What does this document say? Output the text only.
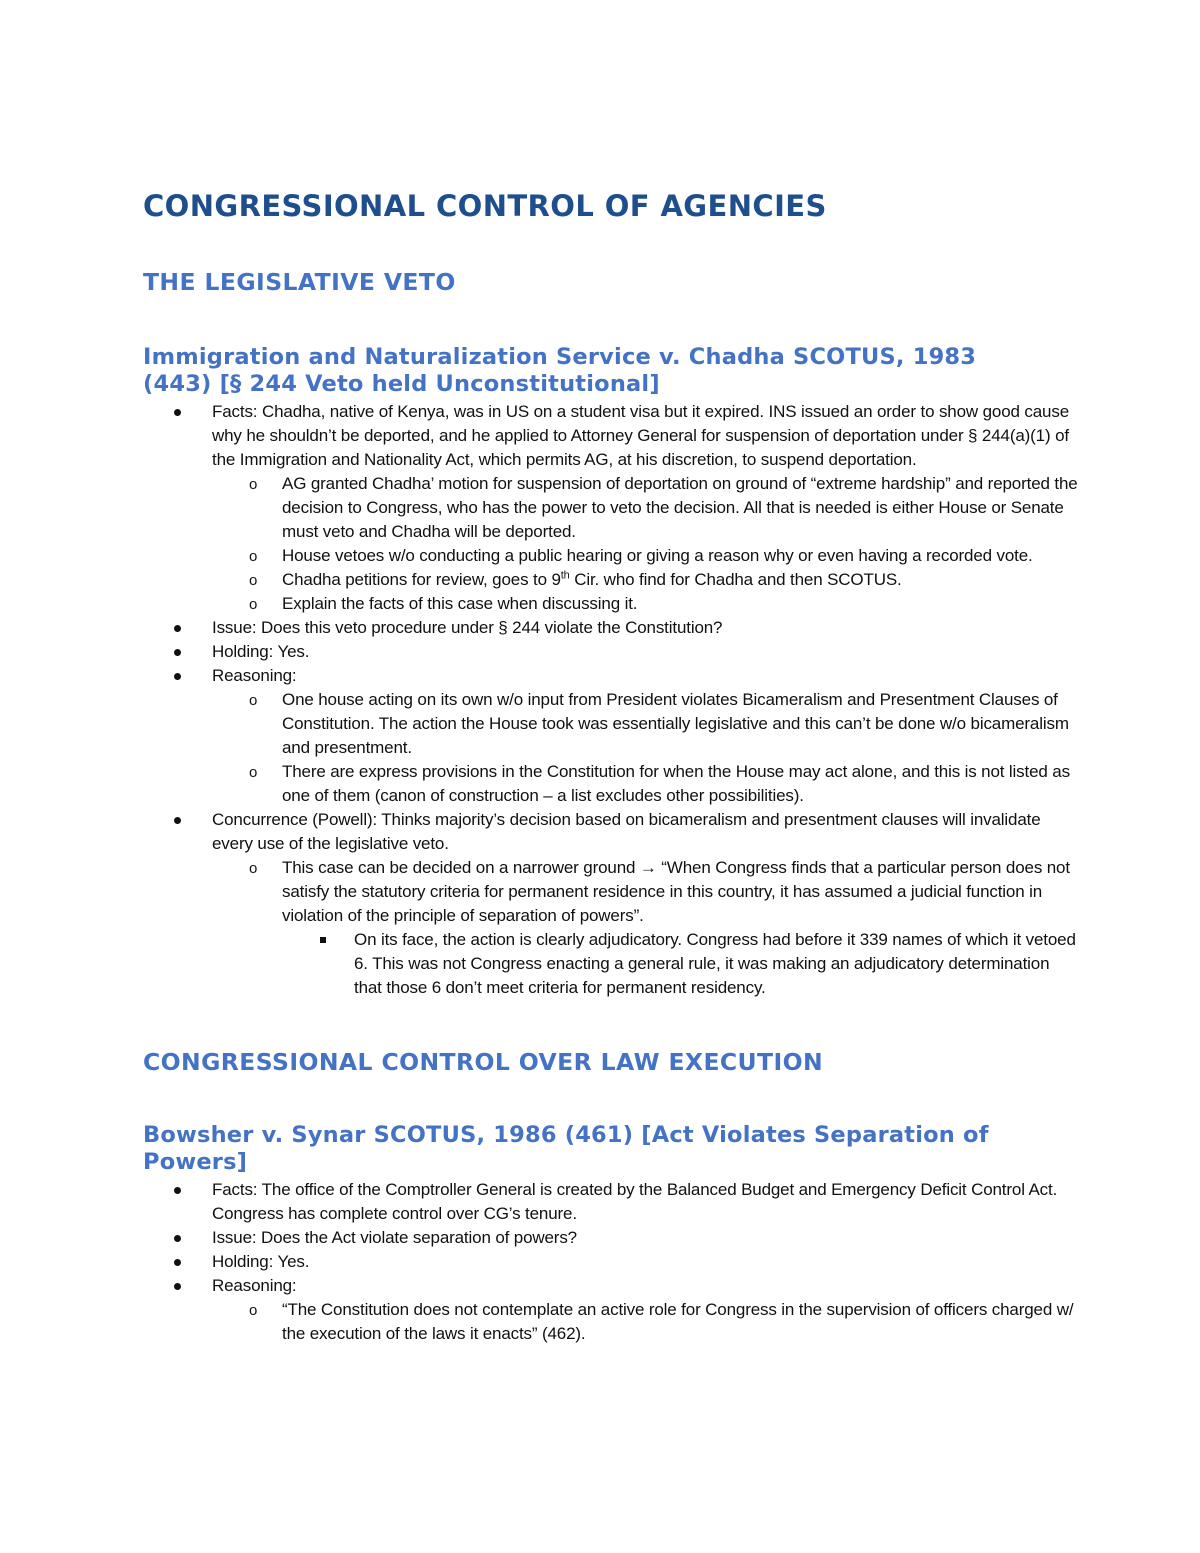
CONGRESSIONAL CONTROL OF AGENCIES
THE LEGISLATIVE VETO
Immigration and Naturalization Service v. Chadha SCOTUS, 1983
(443) [§ 244 Veto held Unconstitutional]
Facts: Chadha, native of Kenya, was in US on a student visa but it expired. INS issued an order to show good cause why he shouldn’t be deported, and he applied to Attorney General for suspension of deportation under § 244(a)(1) of the Immigration and Nationality Act, which permits AG, at his discretion, to suspend deportation.
o AG granted Chadha’ motion for suspension of deportation on ground of “extreme hardship” and reported the decision to Congress, who has the power to veto the decision. All that is needed is either House or Senate must veto and Chadha will be deported.
o House vetoes w/o conducting a public hearing or giving a reason why or even having a recorded vote.
o Chadha petitions for review, goes to 9th Cir. who find for Chadha and then SCOTUS.
o Explain the facts of this case when discussing it.
Issue: Does this veto procedure under § 244 violate the Constitution?
Holding: Yes.
Reasoning:
o One house acting on its own w/o input from President violates Bicameralism and Presentment Clauses of Constitution. The action the House took was essentially legislative and this can’t be done w/o bicameralism and presentment.
o There are express provisions in the Constitution for when the House may act alone, and this is not listed as one of them (canon of construction – a list excludes other possibilities).
Concurrence (Powell): Thinks majority’s decision based on bicameralism and presentment clauses will invalidate every use of the legislative veto.
o This case can be decided on a narrower ground → “When Congress finds that a particular person does not satisfy the statutory criteria for permanent residence in this country, it has assumed a judicial function in violation of the principle of separation of powers”.
On its face, the action is clearly adjudicatory. Congress had before it 339 names of which it vetoed 6. This was not Congress enacting a general rule, it was making an adjudicatory determination that those 6 don’t meet criteria for permanent residency.
CONGRESSIONAL CONTROL OVER LAW EXECUTION
Bowsher v. Synar SCOTUS, 1986 (461) [Act Violates Separation of
Powers]
Facts: The office of the Comptroller General is created by the Balanced Budget and Emergency Deficit Control Act. Congress has complete control over CG’s tenure.
Issue: Does the Act violate separation of powers?
Holding: Yes.
Reasoning:
o “The Constitution does not contemplate an active role for Congress in the supervision of officers charged w/ the execution of the laws it enacts” (462).
